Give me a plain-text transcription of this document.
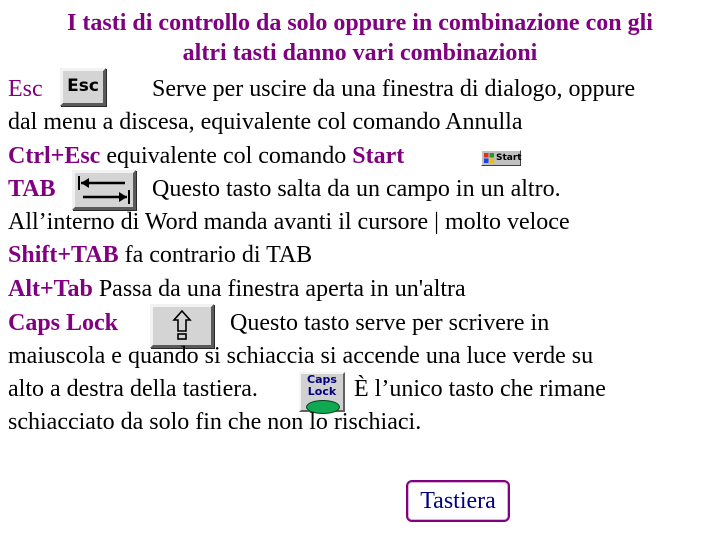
I tasti di controllo da solo oppure in combinazione con gli
altri tasti danno vari combinazioni
Esc Esc Serve per uscire da una finestra di dialogo, oppure
dal menu a discesa, equivalente col comando Annulla
Ctrl+Esc equivalente col comando Start	Start
TAB	Questo tasto salta da un campo in un altro.
All’interno di Word manda avanti il cursore | molto veloce
Shift+TAB fa contrario di TAB
Alt+Tab Passa da una finestra aperta in un'altra
Caps Lock	Questo tasto serve per scrivere in
maiuscola e quando si schiaccia si accende una luce verde su
alto a destra della tastiera.	Caps
Lock È l’unico tasto che rimane
schiacciato da solo fin che non lo rischiaci.
Tastiera
